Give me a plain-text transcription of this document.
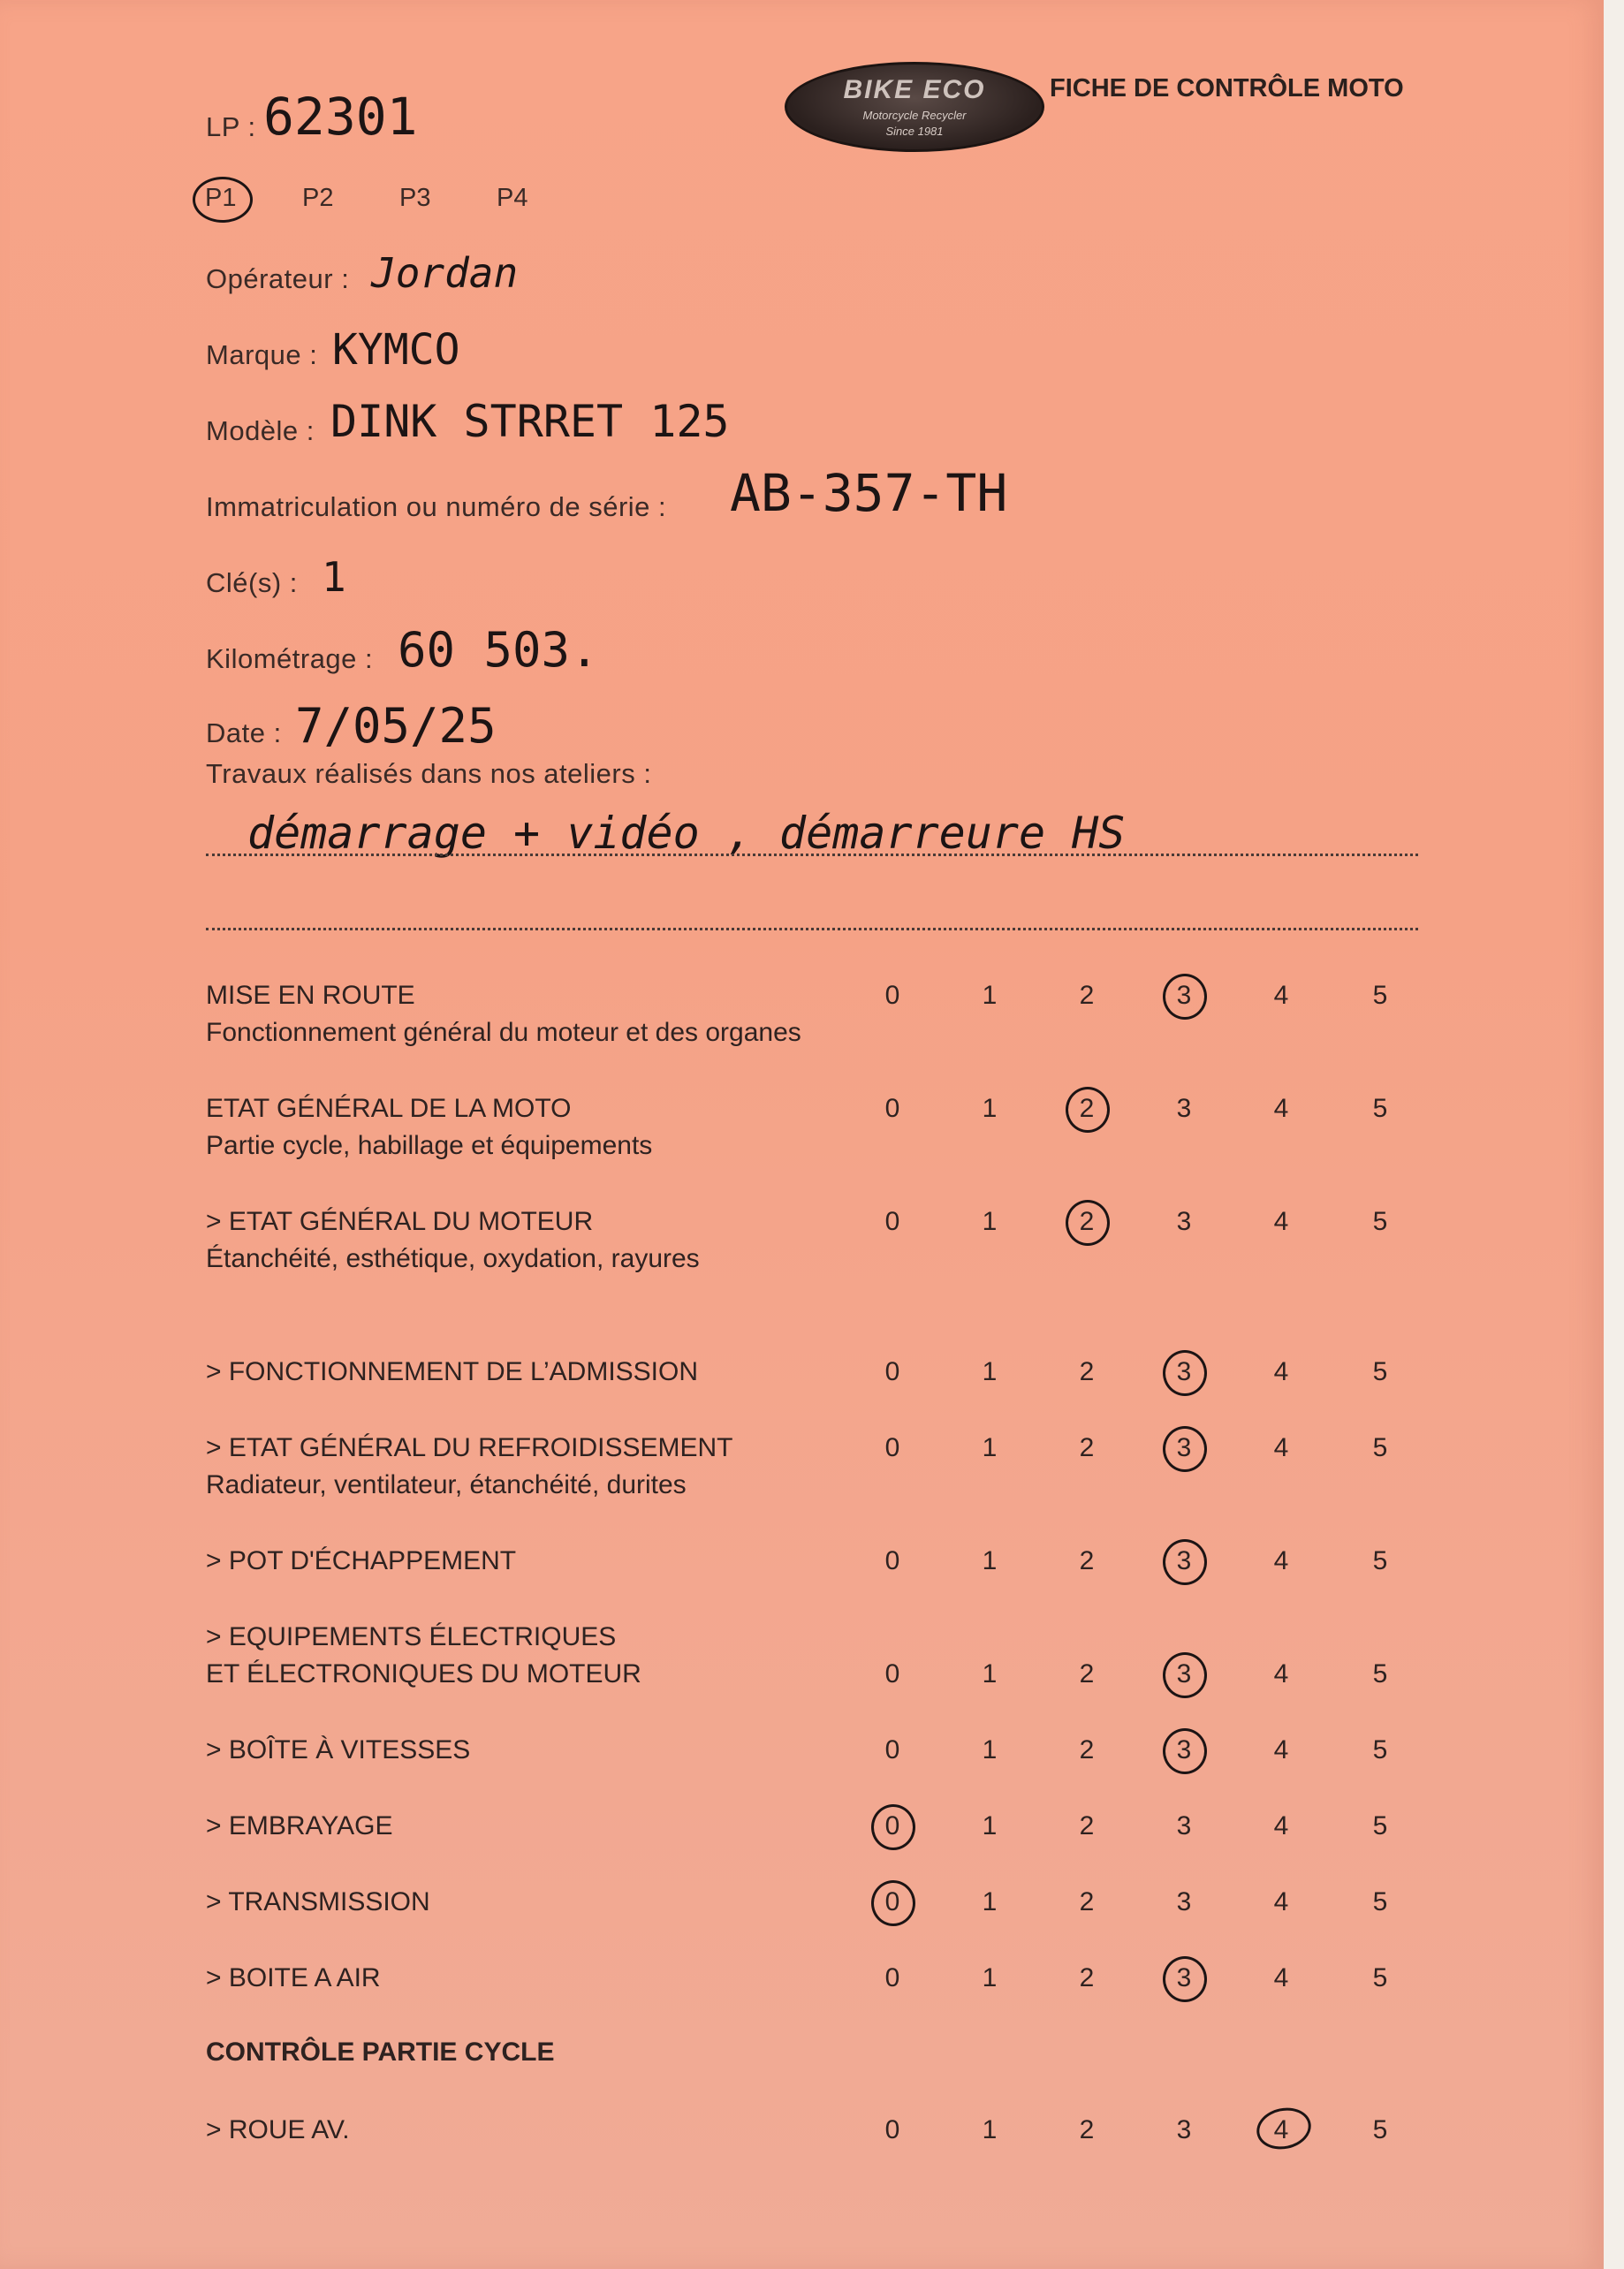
BIKE ECO
Motorcycle Recycler
Since 1981
FICHE DE CONTRÔLE MOTO
LP : 62301
P1	P2	P3	P4
Opérateur : Jordan
Marque : KYMCO
Modèle : DINK STRRET 125
Immatriculation ou numéro de série : AB-357-TH
Clé(s) : 1
Kilométrage : 60 503.
Date : 7/05/25
Travaux réalisés dans nos ateliers :
démarrage + vidéo , démarreure HS
MISE EN ROUTE
Fonctionnement général du moteur et des organes
0	1	2	3	4	5
ETAT GÉNÉRAL DE LA MOTO
Partie cycle, habillage et équipements
0	1	2	3	4	5
> ETAT GÉNÉRAL DU MOTEUR
Étanchéité, esthétique, oxydation, rayures
0	1	2	3	4	5
> FONCTIONNEMENT DE L’ADMISSION	0	1	2	3	4	5
> ETAT GÉNÉRAL DU REFROIDISSEMENT
Radiateur, ventilateur, étanchéité, durites
0	1	2	3	4	5
> POT D'ÉCHAPPEMENT	0	1	2	3	4	5
> EQUIPEMENTS ÉLECTRIQUES
ET ÉLECTRONIQUES DU MOTEUR	0	1	2	3	4	5
> BOÎTE À VITESSES	0	1	2	3	4	5
> EMBRAYAGE	0	1	2	3	4	5
> TRANSMISSION	0	1	2	3	4	5
> BOITE A AIR	0	1	2	3	4	5
CONTRÔLE PARTIE CYCLE
> ROUE AV.	0	1	2	3	4	5
